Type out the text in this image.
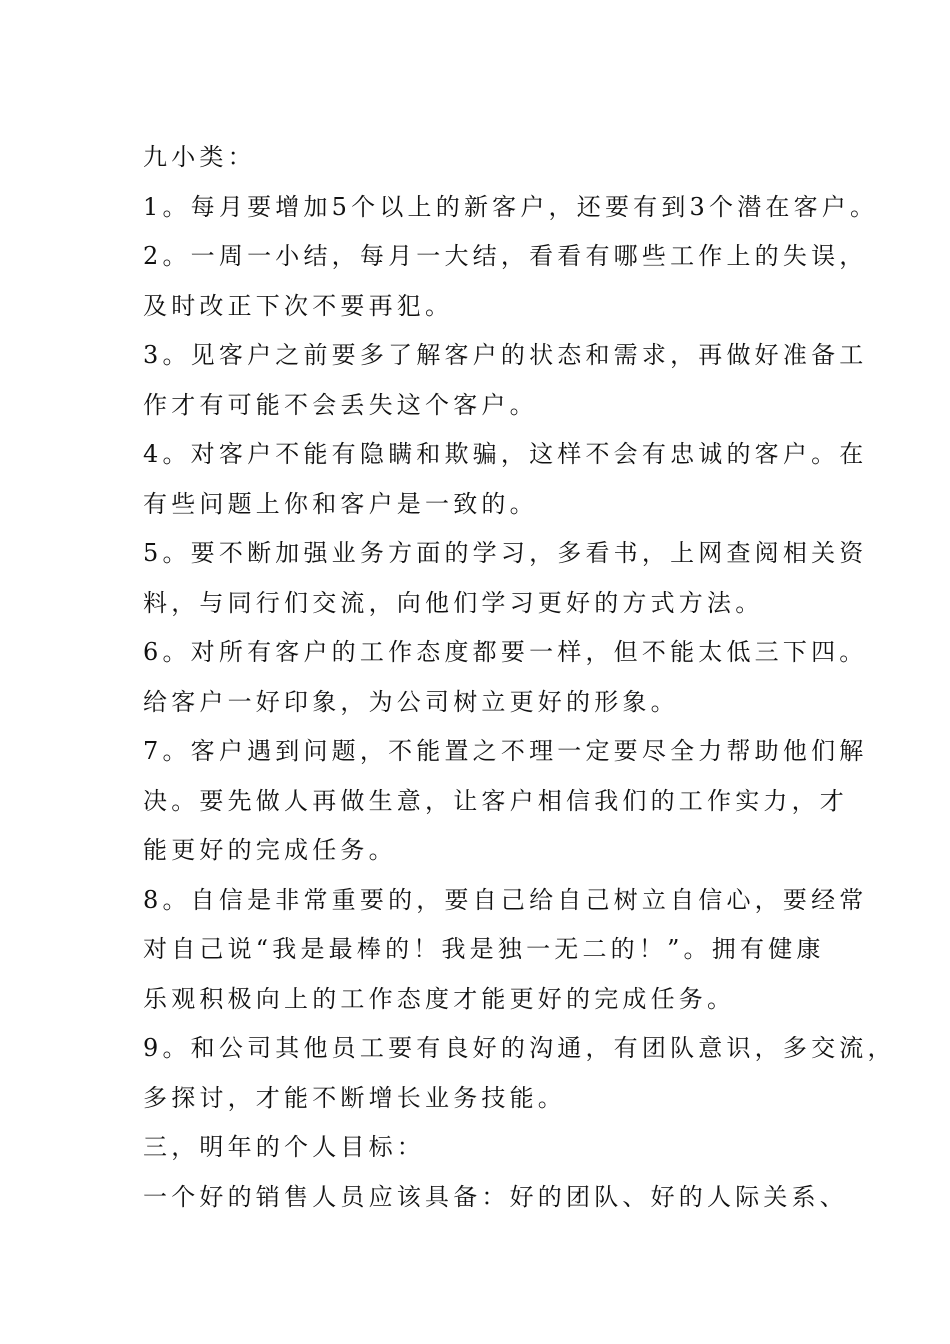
九小类：
1。每月要增加5个以上的新客户，还要有到3个潜在客户。
2。一周一小结，每月一大结，看看有哪些工作上的失误，
及时改正下次不要再犯。
3。见客户之前要多了解客户的状态和需求，再做好准备工
作才有可能不会丢失这个客户。
4。对客户不能有隐瞒和欺骗，这样不会有忠诚的客户。在
有些问题上你和客户是一致的。
5。要不断加强业务方面的学习，多看书，上网查阅相关资
料，与同行们交流，向他们学习更好的方式方法。
6。对所有客户的工作态度都要一样，但不能太低三下四。
给客户一好印象，为公司树立更好的形象。
7。客户遇到问题，不能置之不理一定要尽全力帮助他们解
决。要先做人再做生意，让客户相信我们的工作实力，才
能更好的完成任务。
8。自信是非常重要的，要自己给自己树立自信心，要经常
对自己说“我是最棒的！我是独一无二的！”。拥有健康
乐观积极向上的工作态度才能更好的完成任务。
9。和公司其他员工要有良好的沟通，有团队意识，多交流，
多探讨，才能不断增长业务技能。
三，明年的个人目标：
一个好的销售人员应该具备：好的团队、好的人际关系、
